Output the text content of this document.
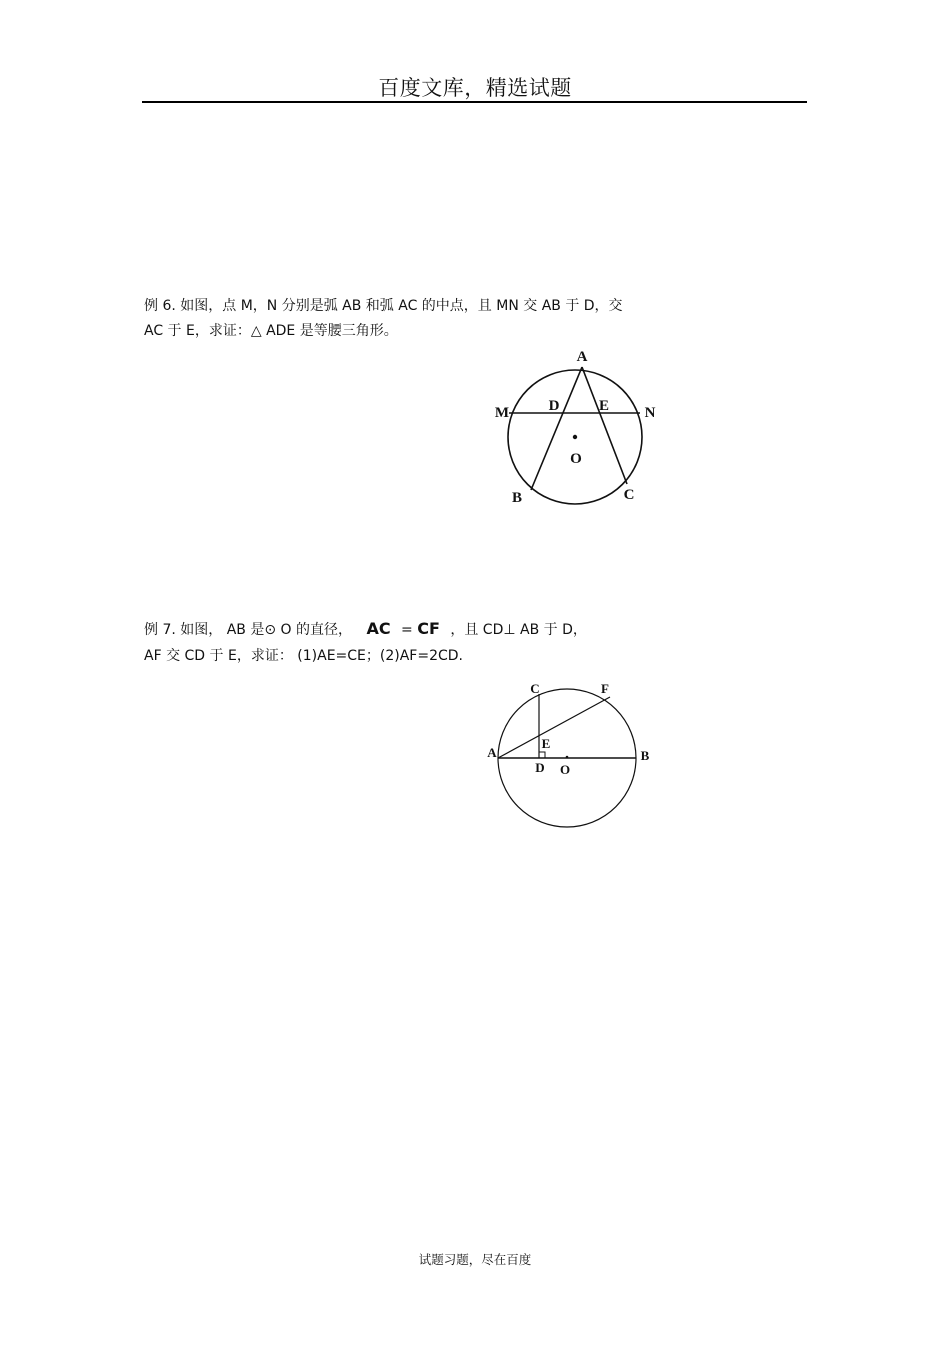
百度文库，精选试题
例 6. 如图，点 M，N 分别是弧 AB 和弧 AC 的中点，且 MN 交 AB 于 D，交
AC 于 E，求证：△ ADE 是等腰三角形。
A
M	D	E N
O
B	C
例 7. 如图， AB 是⊙ O 的直径， AC = CF ，且 CD⊥ AB 于 D，
AF 交 CD 于 E，求证： (1)AE=CE；(2)AF=2CD.
C	F
E
A
D O
B
试题习题，尽在百度
